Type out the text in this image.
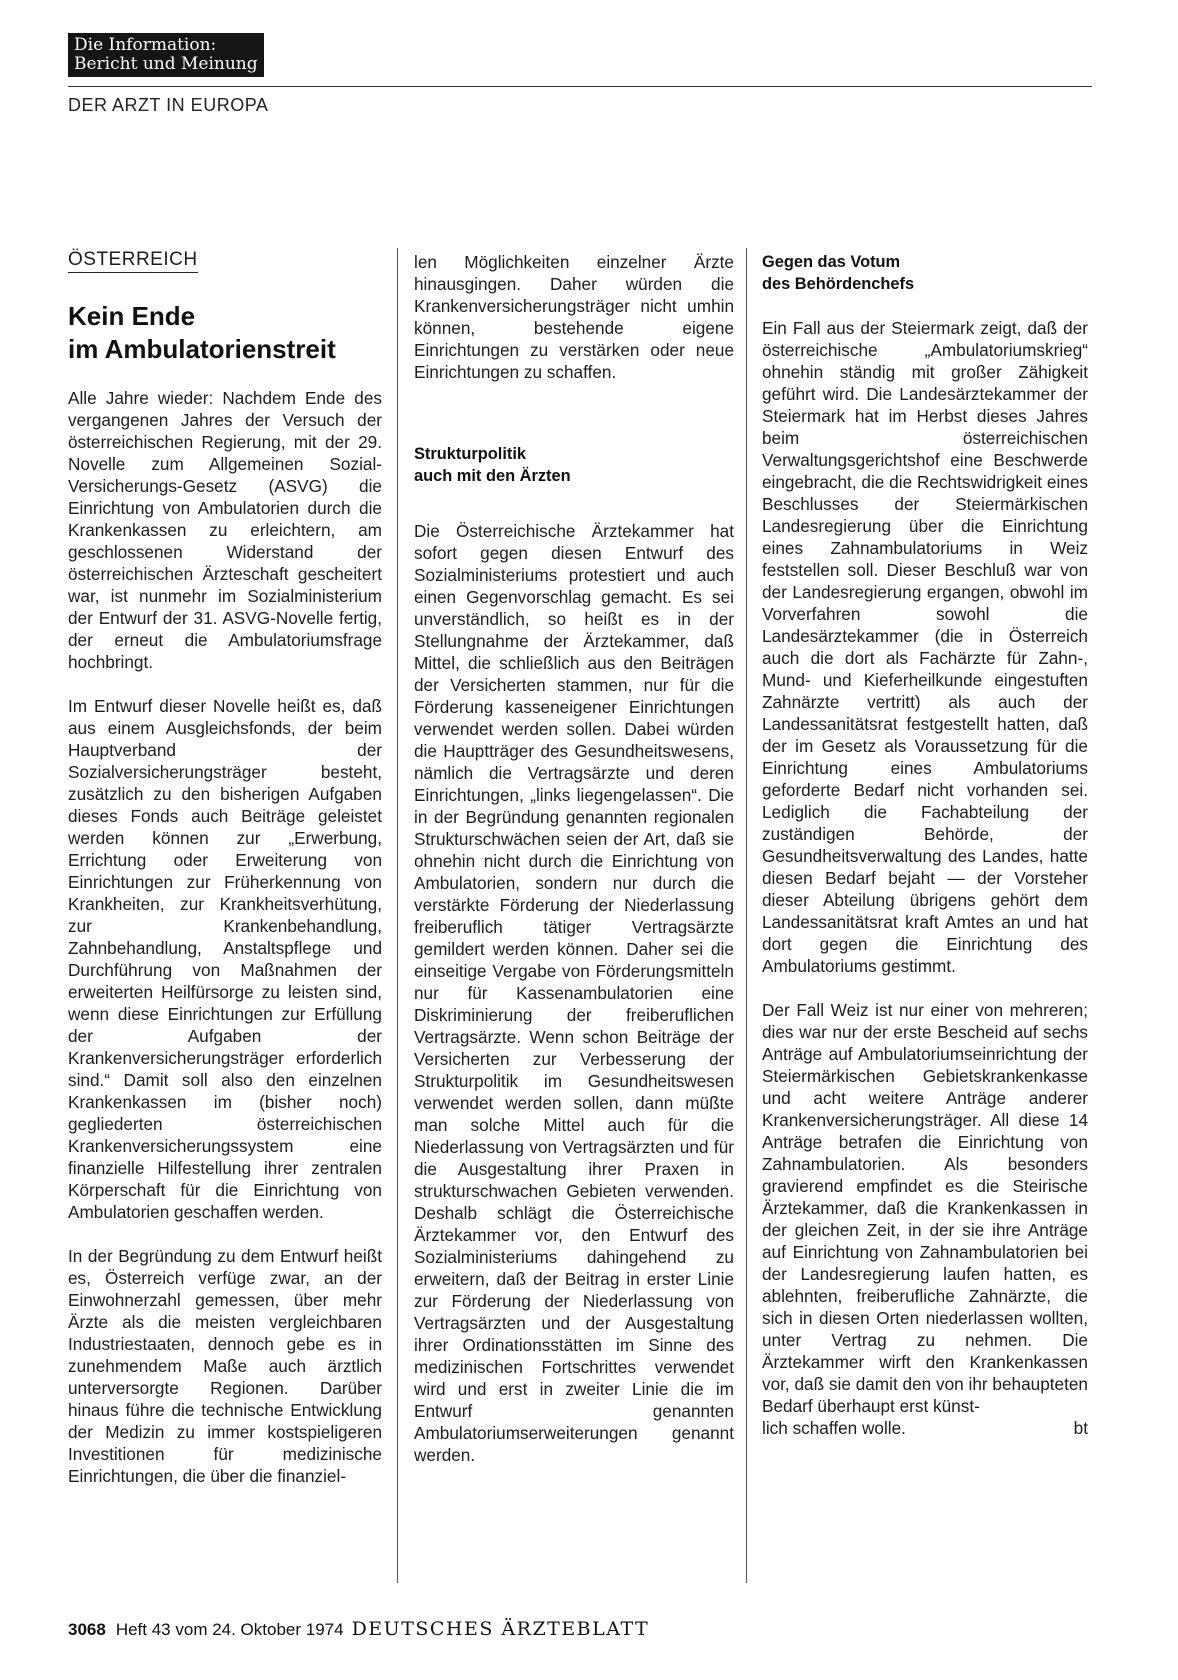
Die Information:
Bericht und Meinung
DER ARZT IN EUROPA
ÖSTERREICH
Kein Ende
im Ambulatorienstreit

Alle Jahre wieder: Nachdem Ende des vergangenen Jahres der Versuch der österreichischen Regierung, mit der 29. Novelle zum Allgemeinen Sozial-Versicherungs-Gesetz (ASVG) die Einrichtung von Ambulatorien durch die Krankenkassen zu erleichtern, am geschlossenen Widerstand der österreichischen Ärzteschaft gescheitert war, ist nunmehr im Sozialministerium der Entwurf der 31. ASVG-Novelle fertig, der erneut die Ambulatoriumsfrage hochbringt.

Im Entwurf dieser Novelle heißt es, daß aus einem Ausgleichsfonds, der beim Hauptverband der Sozialversicherungsträger besteht, zusätzlich zu den bisherigen Aufgaben dieses Fonds auch Beiträge geleistet werden können zur „Erwerbung, Errichtung oder Erweiterung von Einrichtungen zur Früherkennung von Krankheiten, zur Krankheitsverhütung, zur Krankenbehandlung, Zahnbehandlung, Anstaltspflege und Durchführung von Maßnahmen der erweiterten Heilfürsorge zu leisten sind, wenn diese Einrichtungen zur Erfüllung der Aufgaben der Krankenversicherungsträger erforderlich sind.“ Damit soll also den einzelnen Krankenkassen im (bisher noch) gegliederten österreichischen Krankenversicherungssystem eine finanzielle Hilfestellung ihrer zentralen Körperschaft für die Einrichtung von Ambulatorien geschaffen werden.

In der Begründung zu dem Entwurf heißt es, Österreich verfüge zwar, an der Einwohnerzahl gemessen, über mehr Ärzte als die meisten vergleichbaren Industriestaaten, dennoch gebe es in zunehmendem Maße auch ärztlich unterversorgte Regionen. Darüber hinaus führe die technische Entwicklung der Medizin zu immer kostspieligeren Investitionen für medizinische Einrichtungen, die über die finanziel-

len Möglichkeiten einzelner Ärzte hinausgingen. Daher würden die Krankenversicherungsträger nicht umhin können, bestehende eigene Einrichtungen zu verstärken oder neue Einrichtungen zu schaffen.

Strukturpolitik
auch mit den Ärzten

Die Österreichische Ärztekammer hat sofort gegen diesen Entwurf des Sozialministeriums protestiert und auch einen Gegenvorschlag gemacht. Es sei unverständlich, so heißt es in der Stellungnahme der Ärztekammer, daß Mittel, die schließlich aus den Beiträgen der Versicherten stammen, nur für die Förderung kasseneigener Einrichtungen verwendet werden sollen. Dabei würden die Hauptträger des Gesundheitswesens, nämlich die Vertragsärzte und deren Einrichtungen, „links liegengelassen“. Die in der Begründung genannten regionalen Strukturschwächen seien der Art, daß sie ohnehin nicht durch die Einrichtung von Ambulatorien, sondern nur durch die verstärkte Förderung der Niederlassung freiberuflich tätiger Vertragsärzte gemildert werden können. Daher sei die einseitige Vergabe von Förderungsmitteln nur für Kassenambulatorien eine Diskriminierung der freiberuflichen Vertragsärzte. Wenn schon Beiträge der Versicherten zur Verbesserung der Strukturpolitik im Gesundheitswesen verwendet werden sollen, dann müßte man solche Mittel auch für die Niederlassung von Vertragsärzten und für die Ausgestaltung ihrer Praxen in strukturschwachen Gebieten verwenden. Deshalb schlägt die Österreichische Ärztekammer vor, den Entwurf des Sozialministeriums dahingehend zu erweitern, daß der Beitrag in erster Linie zur Förderung der Niederlassung von Vertragsärzten und der Ausgestaltung ihrer Ordinationsstätten im Sinne des medizinischen Fortschrittes verwendet wird und erst in zweiter Linie die im Entwurf genannten Ambulatoriumserweiterungen genannt werden.

Gegen das Votum
des Behördenchefs

Ein Fall aus der Steiermark zeigt, daß der österreichische „Ambulatoriumskrieg“ ohnehin ständig mit großer Zähigkeit geführt wird. Die Landesärztekammer der Steiermark hat im Herbst dieses Jahres beim österreichischen Verwaltungsgerichtshof eine Beschwerde eingebracht, die die Rechtswidrigkeit eines Beschlusses der Steiermärkischen Landesregierung über die Einrichtung eines Zahnambulatoriums in Weiz feststellen soll. Dieser Beschluß war von der Landesregierung ergangen, obwohl im Vorverfahren sowohl die Landesärztekammer (die in Österreich auch die dort als Fachärzte für Zahn-, Mund- und Kieferheilkunde eingestuften Zahnärzte vertritt) als auch der Landessanitätsrat festgestellt hatten, daß der im Gesetz als Voraussetzung für die Einrichtung eines Ambulatoriums geforderte Bedarf nicht vorhanden sei. Lediglich die Fachabteilung der zuständigen Behörde, der Gesundheitsverwaltung des Landes, hatte diesen Bedarf bejaht — der Vorsteher dieser Abteilung übrigens gehört dem Landessanitätsrat kraft Amtes an und hat dort gegen die Einrichtung des Ambulatoriums gestimmt.

Der Fall Weiz ist nur einer von mehreren; dies war nur der erste Bescheid auf sechs Anträge auf Ambulatoriumseinrichtung der Steiermärkischen Gebietskrankenkasse und acht weitere Anträge anderer Krankenversicherungsträger. All diese 14 Anträge betrafen die Einrichtung von Zahnambulatorien. Als besonders gravierend empfindet es die Steirische Ärztekammer, daß die Krankenkassen in der gleichen Zeit, in der sie ihre Anträge auf Einrichtung von Zahnambulatorien bei der Landesregierung laufen hatten, es ablehnten, freiberufliche Zahnärzte, die sich in diesen Orten niederlassen wollten, unter Vertrag zu nehmen. Die Ärztekammer wirft den Krankenkassen vor, daß sie damit den von ihr behaupteten Bedarf überhaupt erst künst-

lich schaffen wolle.	bt
3068 Heft 43 vom 24. Oktober 1974 DEUTSCHES ÄRZTEBLATT
